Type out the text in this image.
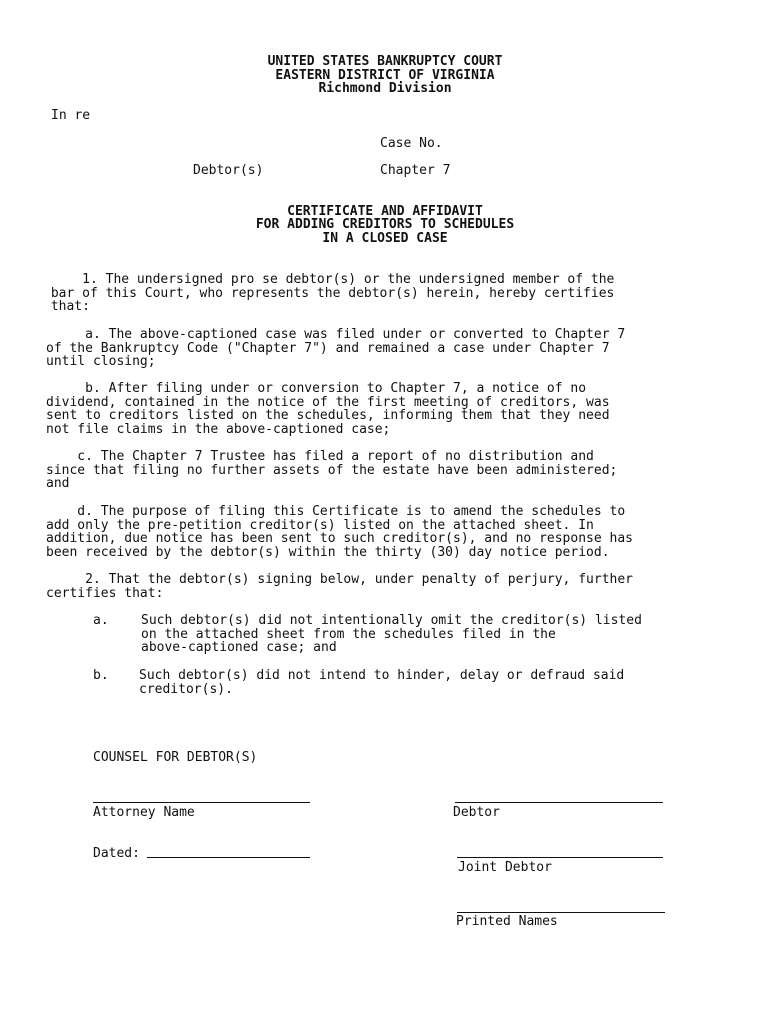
UNITED STATES BANKRUPTCY COURT
EASTERN DISTRICT OF VIRGINIA
Richmond Division
In re
Case No.
Debtor(s)	Chapter 7
CERTIFICATE AND AFFIDAVIT
FOR ADDING CREDITORS TO SCHEDULES
IN A CLOSED CASE
1. The undersigned pro se debtor(s) or the undersigned member of the
bar of this Court, who represents the debtor(s) herein, hereby certifies
that:
a. The above-captioned case was filed under or converted to Chapter 7
of the Bankruptcy Code ("Chapter 7") and remained a case under Chapter 7
until closing;
b. After filing under or conversion to Chapter 7, a notice of no
dividend, contained in the notice of the first meeting of creditors, was
sent to creditors listed on the schedules, informing them that they need
not file claims in the above-captioned case;
c. The Chapter 7 Trustee has filed a report of no distribution and
since that filing no further assets of the estate have been administered;
and
d. The purpose of filing this Certificate is to amend the schedules to
add only the pre-petition creditor(s) listed on the attached sheet. In
addition, due notice has been sent to such creditor(s), and no response has
been received by the debtor(s) within the thirty (30) day notice period.
2. That the debtor(s) signing below, under penalty of perjury, further
certifies that:
a. Such debtor(s) did not intentionally omit the creditor(s) listed
on the attached sheet from the schedules filed in the
above-captioned case; and
b. Such debtor(s) did not intend to hinder, delay or defraud said
creditor(s).
COUNSEL FOR DEBTOR(S)
Attorney Name	Debtor
Dated:
Joint Debtor
Printed Names
